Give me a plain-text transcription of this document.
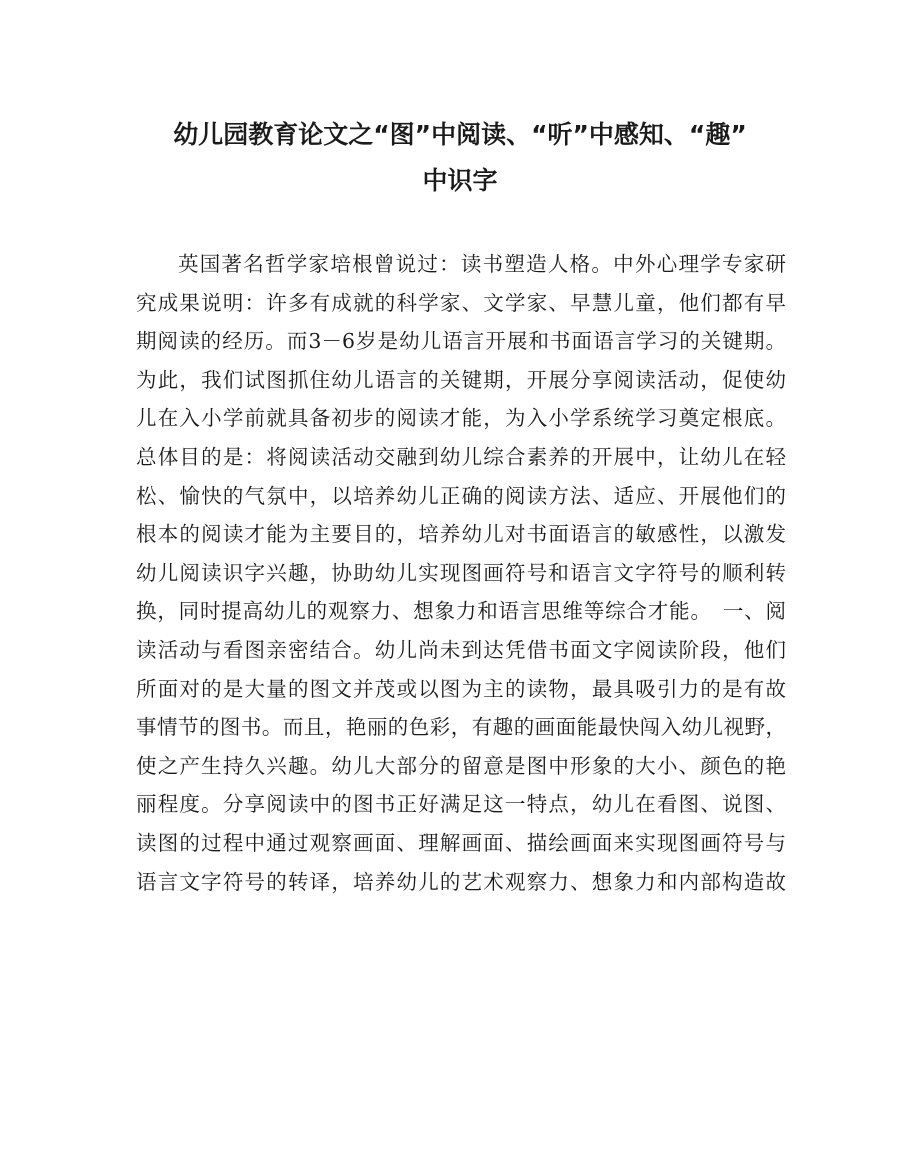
幼儿园教育论文之“图”中阅读、“听”中感知、“趣”
中识字
英国著名哲学家培根曾说过：读书塑造人格。中外心理学专家研
究成果说明：许多有成就的科学家、文学家、早慧儿童，他们都有早
期阅读的经历。而3－6岁是幼儿语言开展和书面语言学习的关键期。
为此，我们试图抓住幼儿语言的关键期，开展分享阅读活动，促使幼
儿在入小学前就具备初步的阅读才能，为入小学系统学习奠定根底。
总体目的是：将阅读活动交融到幼儿综合素养的开展中，让幼儿在轻
松、愉快的气氛中，以培养幼儿正确的阅读方法、适应、开展他们的
根本的阅读才能为主要目的，培养幼儿对书面语言的敏感性，以激发
幼儿阅读识字兴趣，协助幼儿实现图画符号和语言文字符号的顺利转
换，同时提高幼儿的观察力、想象力和语言思维等综合才能。　一、阅
读活动与看图亲密结合。幼儿尚未到达凭借书面文字阅读阶段，他们
所面对的是大量的图文并茂或以图为主的读物，最具吸引力的是有故
事情节的图书。而且，艳丽的色彩，有趣的画面能最快闯入幼儿视野，
使之产生持久兴趣。幼儿大部分的留意是图中形象的大小、颜色的艳
丽程度。分享阅读中的图书正好满足这一特点，幼儿在看图、说图、
读图的过程中通过观察画面、理解画面、描绘画面来实现图画符号与
语言文字符号的转译，培养幼儿的艺术观察力、想象力和内部构造故
